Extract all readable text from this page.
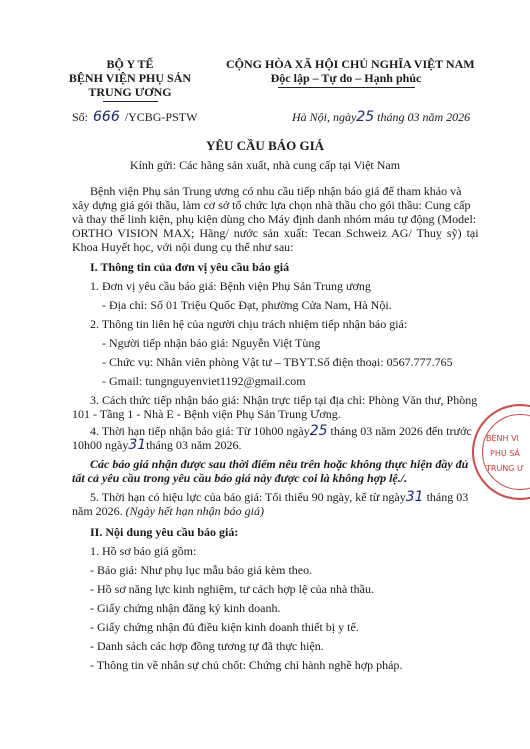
BỘ Y TẾ
BỆNH VIỆN PHỤ SẢN
TRUNG ƯƠNG
CỘNG HÒA XÃ HỘI CHỦ NGHĨA VIỆT NAM
Độc lập – Tự do – Hạnh phúc
Số: 666 /YCBG-PSTW	Hà Nội, ngày25 tháng 03 năm 2026
YÊU CẦU BÁO GIÁ
Kính gửi: Các hãng sản xuất, nhà cung cấp tại Việt Nam
Bệnh viện Phụ sản Trung ương có nhu cầu tiếp nhận báo giá để tham khảo và
xây dựng giá gói thầu, làm cơ sở tổ chức lựa chọn nhà thầu cho gói thầu: Cung cấp
và thay thế linh kiện, phụ kiện dùng cho Máy định danh nhóm máu tự động (Model:
ORTHO VISION MAX; Hãng/ nước sản xuất: Tecan Schweiz AG/ Thuỵ sỹ) tại
Khoa Huyết học, với nội dung cụ thể như sau:
I. Thông tin của đơn vị yêu cầu báo giá
1. Đơn vị yêu cầu báo giá: Bệnh viện Phụ Sản Trung ương
- Địa chỉ: Số 01 Triệu Quốc Đạt, phường Cửa Nam, Hà Nội.
2. Thông tin liên hệ của người chịu trách nhiệm tiếp nhận báo giá:
- Người tiếp nhận báo giá: Nguyễn Việt Tùng
- Chức vụ: Nhân viên phòng Vật tư – TBYT.Số điện thoại: 0567.777.765
- Gmail: tungnguyenviet1192@gmail.com
3. Cách thức tiếp nhận báo giá: Nhận trực tiếp tại địa chỉ: Phòng Văn thư, Phòng
101 - Tầng 1 - Nhà E - Bệnh viện Phụ Sản Trung Ương.
4. Thời hạn tiếp nhận báo giá: Từ 10h00 ngày25 tháng 03 năm 2026 đến trước
10h00 ngày31tháng 03 năm 2026.
Các báo giá nhận được sau thời điểm nêu trên hoặc không thực hiện đầy đủ
tất cả yêu cầu trong yêu cầu báo giá này được coi là không hợp lệ./.
5. Thời hạn có hiệu lực của báo giá: Tối thiểu 90 ngày, kể từ ngày31 tháng 03
năm 2026. (Ngày hết hạn nhận báo giá)
II. Nội dung yêu cầu báo giá:
1. Hồ sơ báo giá gồm:
- Báo giá: Như phụ lục mẫu báo giá kèm theo.
- Hồ sơ năng lực kinh nghiệm, tư cách hợp lệ của nhà thầu.
- Giấy chứng nhận đăng ký kinh doanh.
- Giấy chứng nhận đủ điều kiện kinh doanh thiết bị y tế.
- Danh sách các hợp đồng tương tự đã thực hiện.
- Thông tin về nhân sự chủ chốt: Chứng chỉ hành nghề hợp pháp.
BỆNH VI
PHỤ SẢ
TRUNG Ư
